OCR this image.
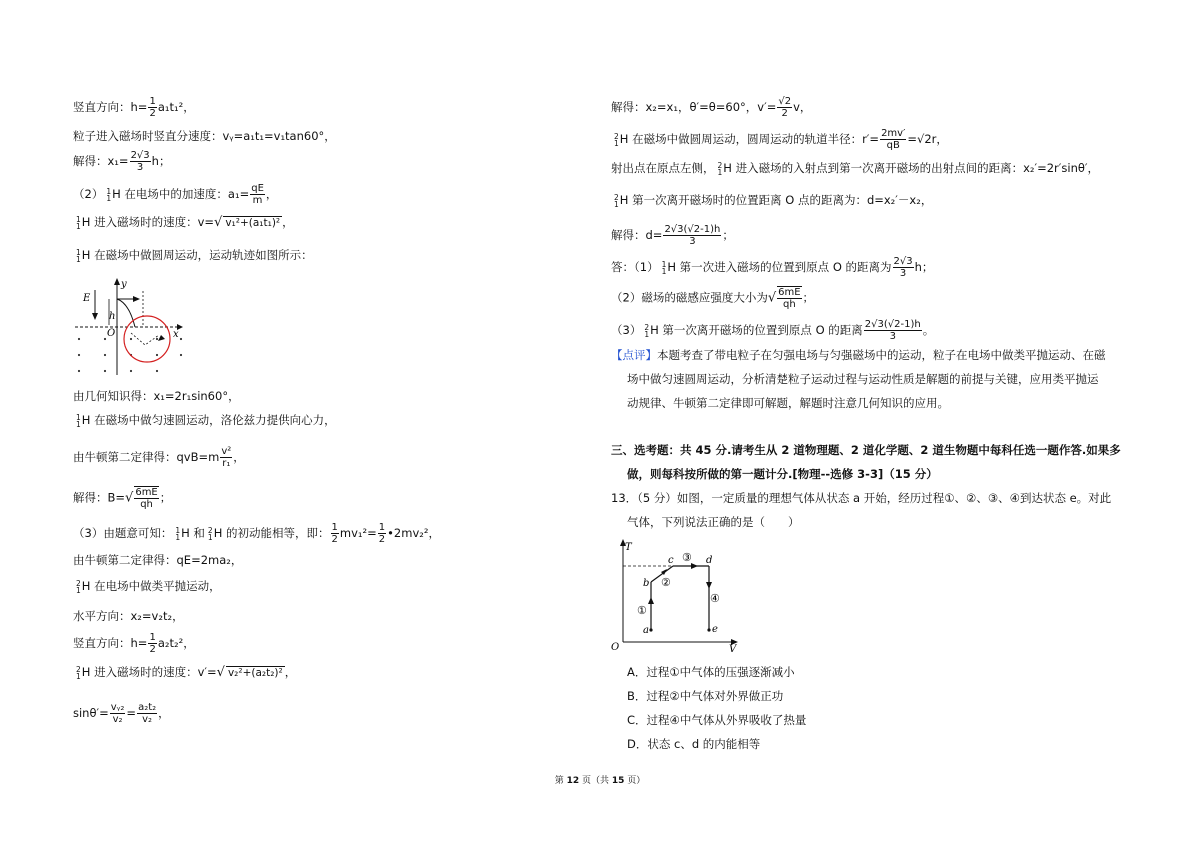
竖直方向：$h= \frac{1}{2} a_1t_1^2$，
粒子进入磁场时竖直分速度：vᵧ=a₁t₁=v₁tan60°，
解得：$x_1= \frac{2√3}{3}$ h；
（2） 1
1 H 在电场中的加速度：$a_1= \frac{qE}{m}$ ，
1
1 H 进入磁场时的速度：v=√ v₁²+(a₁t₁)² ，
1
1 H 在磁场中做圆周运动，运动轨迹如图所示：
y
E
h
O	x
由几何知识得：x₁=2r₁sin60°，
1
1 H 在磁场中做匀速圆运动，洛伦兹力提供向心力，
由牛顿第二定律得：$qvB=m \frac{\text{v²}}{\text{r₁}}$ ，
解得：$B=√ \frac{6mE}{qh}$ ；
（3）由题意可知： 1
1 H 和 2
1 H 的初动能相等，即： $\frac{1}{2} mv_1^2= \frac{1}{2}$ •2mv₂²，
由牛顿第二定律得：qE=2ma₂，
2
1 H 在电场中做类平抛运动，
水平方向：x₂=v₂t₂，
竖直方向：$h= \frac{1}{2} a_2t_2^2$，
2
1 H 进入磁场时的速度：v′=√ v₂²+(a₂t₂)² ，
$\sin\theta'= \frac{\text{vᵧ₂}}{\text{v₂}} = \frac{\text{a₂t₂}}{\text{v₂}}$ ，
解得：x₂=x₁，θ′=θ=60°，$v'= \frac{√2}{2}$ v，
2
1 H 在磁场中做圆周运动，圆周运动的轨道半径：$r'= \frac{2mv'}{qB} =√2r$，
射出点在原点左侧， 2
1 H 进入磁场的入射点到第一次离开磁场的出射点间的距离：x₂′=2r′sinθ′，
2
1 H 第一次离开磁场时的位置距离 O 点的距离为：d=x₂′－x₂，
解得：$d= \frac{2√3(√2-1)h}{3}$ ；
答：（1） 1
1 H 第一次进入磁场的位置到原点 O 的距离为 $\frac{2√3}{3}$ h；
（2）磁场的磁感应强度大小为√ $\frac{6mE}{qh}$ ；
（3） 2
1 H 第一次离开磁场的位置到原点 O 的距离 $\frac{2√3(√2-1)h}{3}$ 。
【点评】本题考查了带电粒子在匀强电场与匀强磁场中的运动，粒子在电场中做类平抛运动、在磁
场中做匀速圆周运动，分析清楚粒子运动过程与运动性质是解题的前提与关键，应用类平抛运
动规律、牛顿第二定律即可解题，解题时注意几何知识的应用。
三、选考题：共 45 分.请考生从 2 道物理题、2 道化学题、2 道生物题中每科任选一题作答.如果多
做，则每科按所做的第一题计分.[物理--选修 3-3]（15 分）
13．（5 分）如图，一定质量的理想气体从状态 a 开始，经历过程①、②、③、④到达状态 e。对此
气体，下列说法正确的是（　　）
T
V
O
a
b
c	d
e
①
②
③
④
A．过程①中气体的压强逐渐减小
B．过程②中气体对外界做正功
C．过程④中气体从外界吸收了热量
D．状态 c、d 的内能相等
第 12 页（共 15 页）
